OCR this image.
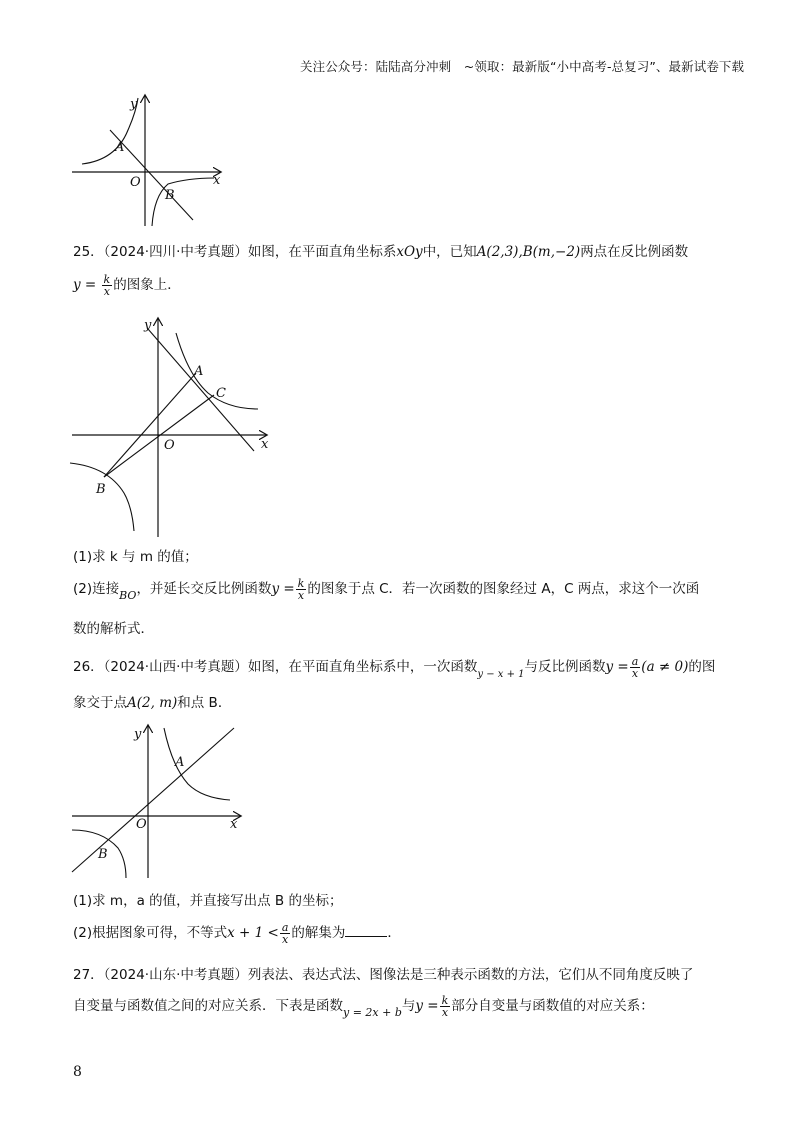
关注公众号：陆陆高分冲刺　~领取：最新版“小中高考-总复习”、最新试卷下载
y
x
O
A
B
25．（2024·四川·中考真题）如图，在平面直角坐标系xOy中，已知A(2,3),B(m,−2)两点在反比例函数
$y = \frac{k}{x}$ 的图象上．
y
x
O
A
C
B
(1)求 k 与 m 的值；
(2)连接$_{BO}$，并延长交反比例函数$y = \frac{k}{x}$ 的图象于点 C．若一次函数的图象经过 A，C 两点，求这个一次函
数的解析式．
26．（2024·山西·中考真题）如图，在平面直角坐标系中，一次函数$_{y - x + 1}$与反比例函数$y = \frac{a}{x} (a \ne 0)$的图
象交于点A(2, m)和点 B．
y
x
O
A
B
(1)求 m，a 的值，并直接写出点 B 的坐标；
(2)根据图象可得，不等式$x + 1 < \frac{a}{x}$ 的解集为	．
27．（2024·山东·中考真题）列表法、表达式法、图像法是三种表示函数的方法，它们从不同角度反映了
自变量与函数值之间的对应关系．下表是函数$_{y = 2x + b}$与$y = \frac{k}{x}$ 部分自变量与函数值的对应关系：
8
